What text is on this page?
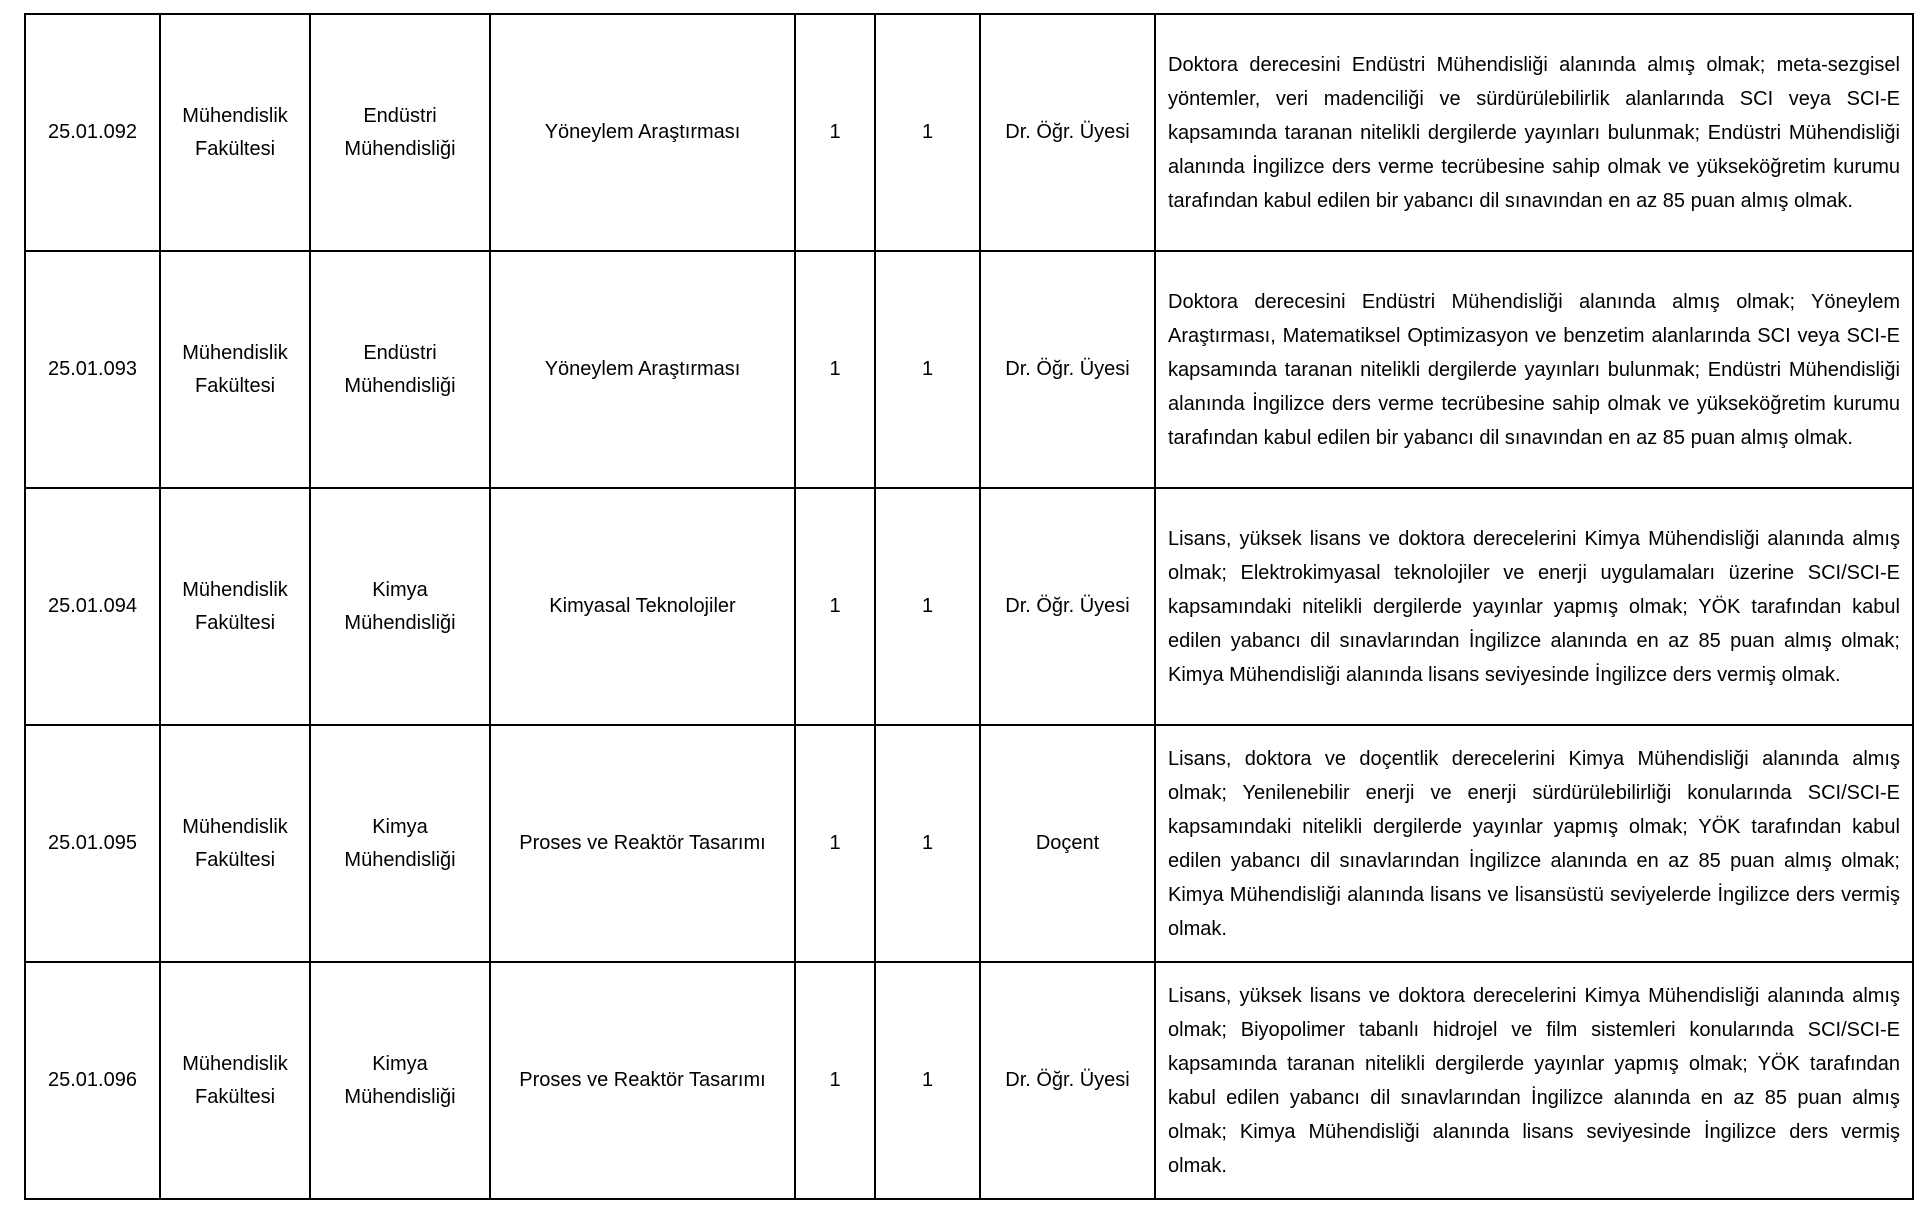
25.01.092	Mühendislik Fakültesi	Endüstri Mühendisliği	Yöneylem Araştırması	1	1	Dr. Öğr. Üyesi	Doktora derecesini Endüstri Mühendisliği alanında almış olmak; meta-sezgisel yöntemler, veri madenciliği ve sürdürülebilirlik alanlarında SCI veya SCI-E kapsamında taranan nitelikli dergilerde yayınları bulunmak; Endüstri Mühendisliği alanında İngilizce ders verme tecrübesine sahip olmak ve yükseköğretim kurumu tarafından kabul edilen bir yabancı dil sınavından en az 85 puan almış olmak.
25.01.093	Mühendislik Fakültesi	Endüstri Mühendisliği	Yöneylem Araştırması	1	1	Dr. Öğr. Üyesi	Doktora derecesini Endüstri Mühendisliği alanında almış olmak; Yöneylem Araştırması, Matematiksel Optimizasyon ve benzetim alanlarında SCI veya SCI-E kapsamında taranan nitelikli dergilerde yayınları bulunmak; Endüstri Mühendisliği alanında İngilizce ders verme tecrübesine sahip olmak ve yükseköğretim kurumu tarafından kabul edilen bir yabancı dil sınavından en az 85 puan almış olmak.
25.01.094	Mühendislik Fakültesi	Kimya Mühendisliği	Kimyasal Teknolojiler	1	1	Dr. Öğr. Üyesi	Lisans, yüksek lisans ve doktora derecelerini Kimya Mühendisliği alanında almış olmak; Elektrokimyasal teknolojiler ve enerji uygulamaları üzerine SCI/SCI-E kapsamındaki nitelikli dergilerde yayınlar yapmış olmak; YÖK tarafından kabul edilen yabancı dil sınavlarından İngilizce alanında en az 85 puan almış olmak; Kimya Mühendisliği alanında lisans seviyesinde İngilizce ders vermiş olmak.
25.01.095	Mühendislik Fakültesi	Kimya Mühendisliği	Proses ve Reaktör Tasarımı	1	1	Doçent	Lisans, doktora ve doçentlik derecelerini Kimya Mühendisliği alanında almış olmak; Yenilenebilir enerji ve enerji sürdürülebilirliği konularında SCI/SCI-E kapsamındaki nitelikli dergilerde yayınlar yapmış olmak; YÖK tarafından kabul edilen yabancı dil sınavlarından İngilizce alanında en az 85 puan almış olmak; Kimya Mühendisliği alanında lisans ve lisansüstü seviyelerde İngilizce ders vermiş olmak.
25.01.096	Mühendislik Fakültesi	Kimya Mühendisliği	Proses ve Reaktör Tasarımı	1	1	Dr. Öğr. Üyesi	Lisans, yüksek lisans ve doktora derecelerini Kimya Mühendisliği alanında almış olmak; Biyopolimer tabanlı hidrojel ve film sistemleri konularında SCI/SCI-E kapsamında taranan nitelikli dergilerde yayınlar yapmış olmak; YÖK tarafından kabul edilen yabancı dil sınavlarından İngilizce alanında en az 85 puan almış olmak; Kimya Mühendisliği alanında lisans seviyesinde İngilizce ders vermiş olmak.
